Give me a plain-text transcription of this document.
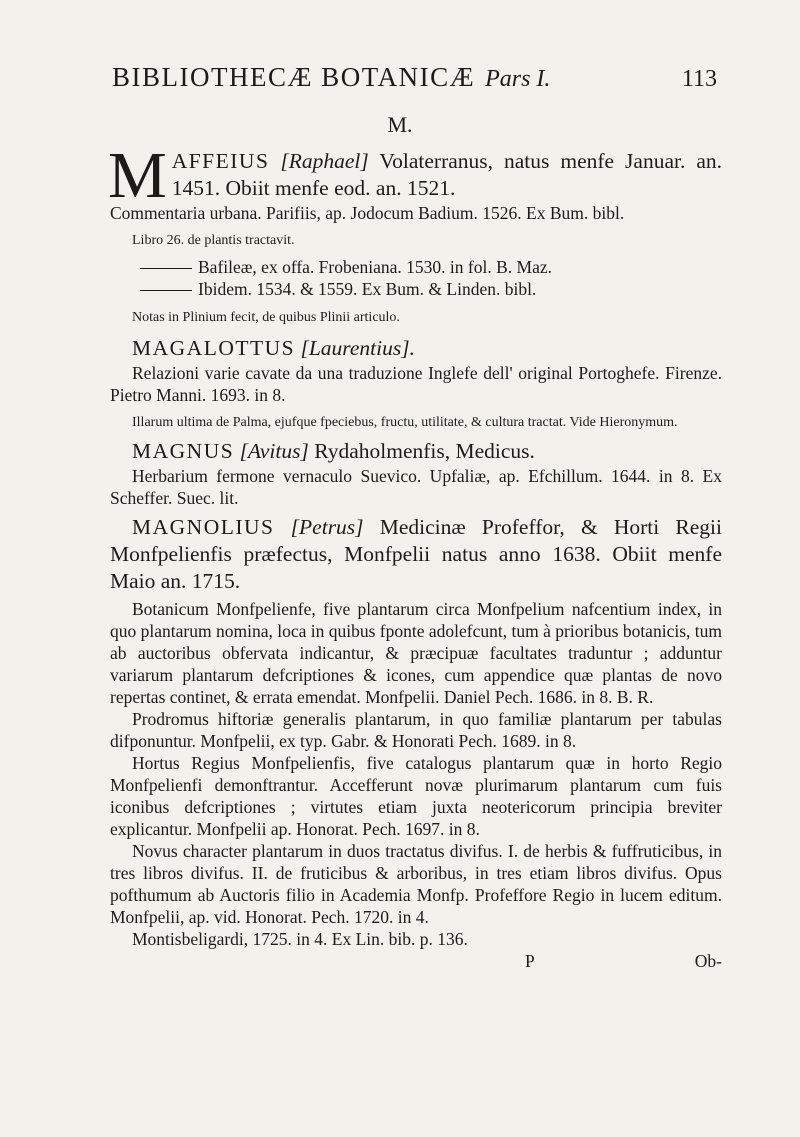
BIBLIOTHECÆ BOTANICÆ Pars I.	113
M.

MAFFEIUS [Raphael] Volaterranus, natus menfe Januar. an. 1451. Obiit menfe eod. an. 1521.

Commentaria urbana. Parifiis, ap. Jodocum Badium. 1526. Ex Bum. bibl.

Libro 26. de plantis tractavit.

Bafileæ, ex offa. Frobeniana. 1530. in fol. B. Maz.

Ibidem. 1534. & 1559. Ex Bum. & Linden. bibl.

Notas in Plinium fecit, de quibus Plinii articulo.

MAGALOTTUS [Laurentius].

Relazioni varie cavate da una traduzione Inglefe dell' original Portoghefe. Firenze. Pietro Manni. 1693. in 8.

Illarum ultima de Palma, ejufque fpeciebus, fructu, utilitate, & cultura tractat. Vide Hieronymum.

MAGNUS [Avitus] Rydaholmenfis, Medicus.

Herbarium fermone vernaculo Suevico. Upfaliæ, ap. Efchillum. 1644. in 8. Ex Scheffer. Suec. lit.

MAGNOLIUS [Petrus] Medicinæ Profeffor, & Horti Regii Monfpelienfis præfectus, Monfpelii natus anno 1638. Obiit menfe Maio an. 1715.

Botanicum Monfpelienfe, five plantarum circa Monfpelium nafcentium index, in quo plantarum nomina, loca in quibus fponte adolefcunt, tum à prioribus botanicis, tum ab auctoribus obfervata indicantur, & præcipuæ facultates traduntur ; adduntur variarum plantarum defcriptiones & icones, cum appendice quæ plantas de novo repertas continet, & errata emendat. Monfpelii. Daniel Pech. 1686. in 8. B. R.

Prodromus hiftoriæ generalis plantarum, in quo familiæ plantarum per tabulas difponuntur. Monfpelii, ex typ. Gabr. & Honorati Pech. 1689. in 8.

Hortus Regius Monfpelienfis, five catalogus plantarum quæ in horto Regio Monfpelienfi demonftrantur. Accefferunt novæ plurimarum plantarum cum fuis iconibus defcriptiones ; virtutes etiam juxta neotericorum principia breviter explicantur. Monfpelii ap. Honorat. Pech. 1697. in 8.

Novus character plantarum in duos tractatus divifus. I. de herbis & fuffruticibus, in tres libros divifus. II. de fruticibus & arboribus, in tres etiam libros divifus. Opus pofthumum ab Auctoris filio in Academia Monfp. Profeffore Regio in lucem editum. Monfpelii, ap. vid. Honorat. Pech. 1720. in 4.

Montisbeligardi, 1725. in 4. Ex Lin. bib. p. 136.

P	Ob-
